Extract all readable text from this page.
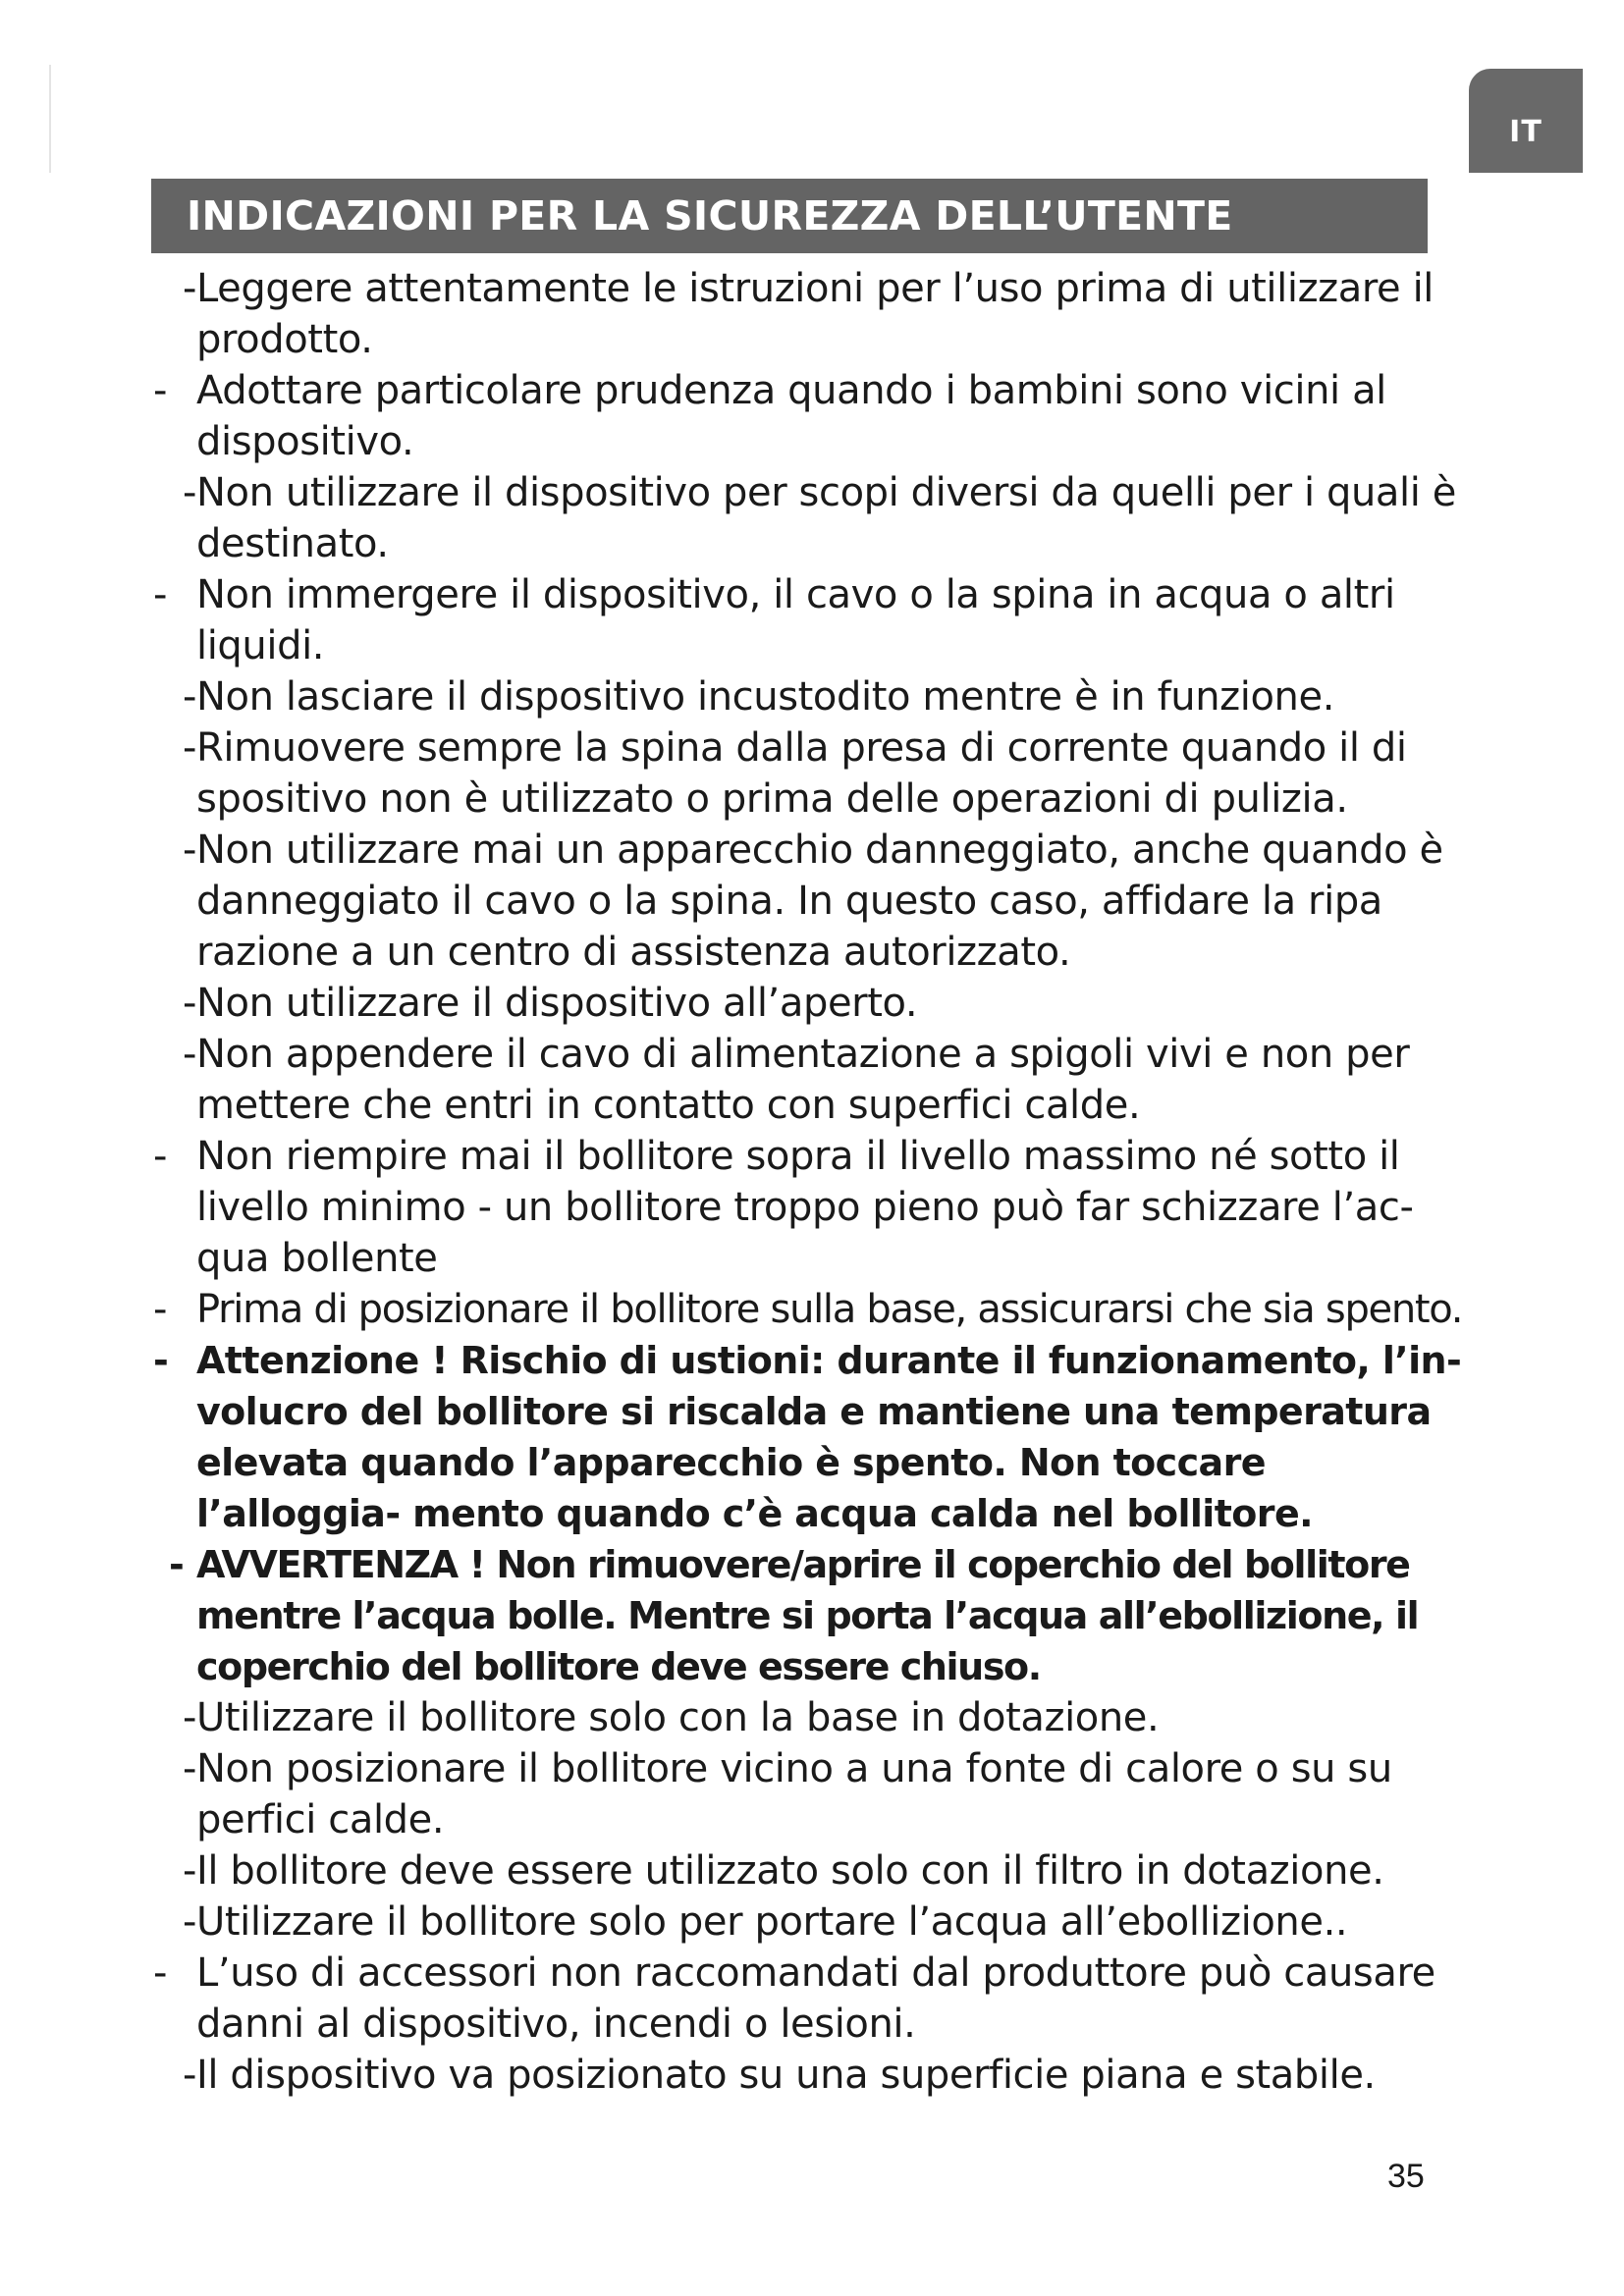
IT
INDICAZIONI PER LA SICUREZZA DELL’UTENTE

- Leggere attentamente le istruzioni per l’uso prima di utilizzare il prodotto.

- Adottare particolare prudenza quando i bambini sono vicini al dispositivo.

- Non utilizzare il dispositivo per scopi diversi da quelli per i quali è destinato.

- Non immergere il dispositivo, il cavo o la spina in acqua o altri liquidi.

- Non lasciare il dispositivo incustodito mentre è in funzione.

- Rimuovere sempre la spina dalla presa di corrente quando il di spositivo non è utilizzato o prima delle operazioni di pulizia.

- Non utilizzare mai un apparecchio danneggiato, anche quando è danneggiato il cavo o la spina. In questo caso, affidare la ripa razione a un centro di assistenza autorizzato.

- Non utilizzare il dispositivo all’aperto.

- Non appendere il cavo di alimentazione a spigoli vivi e non per mettere che entri in contatto con superfici calde.

- Non riempire mai il bollitore sopra il livello massimo né sotto il livello minimo - un bollitore troppo pieno può far schizzare l’ac- qua bollente

- Prima di posizionare il bollitore sulla base, assicurarsi che sia spento.

- Attenzione ! Rischio di ustioni: durante il funzionamento, l’in- volucro del bollitore si riscalda e mantiene una temperatura elevata quando l’apparecchio è spento. Non toccare l’alloggia- mento quando c’è acqua calda nel bollitore.

- AVVERTENZA ! Non rimuovere/aprire il coperchio del bollitore mentre l’acqua bolle. Mentre si porta l’acqua all’ebollizione, il coperchio del bollitore deve essere chiuso.

- Utilizzare il bollitore solo con la base in dotazione.

- Non posizionare il bollitore vicino a una fonte di calore o su su perfici calde.

- Il bollitore deve essere utilizzato solo con il filtro in dotazione.

- Utilizzare il bollitore solo per portare l’acqua all’ebollizione..

- L’uso di accessori non raccomandati dal produttore può causare danni al dispositivo, incendi o lesioni.

- Il dispositivo va posizionato su una superficie piana e stabile.

35
